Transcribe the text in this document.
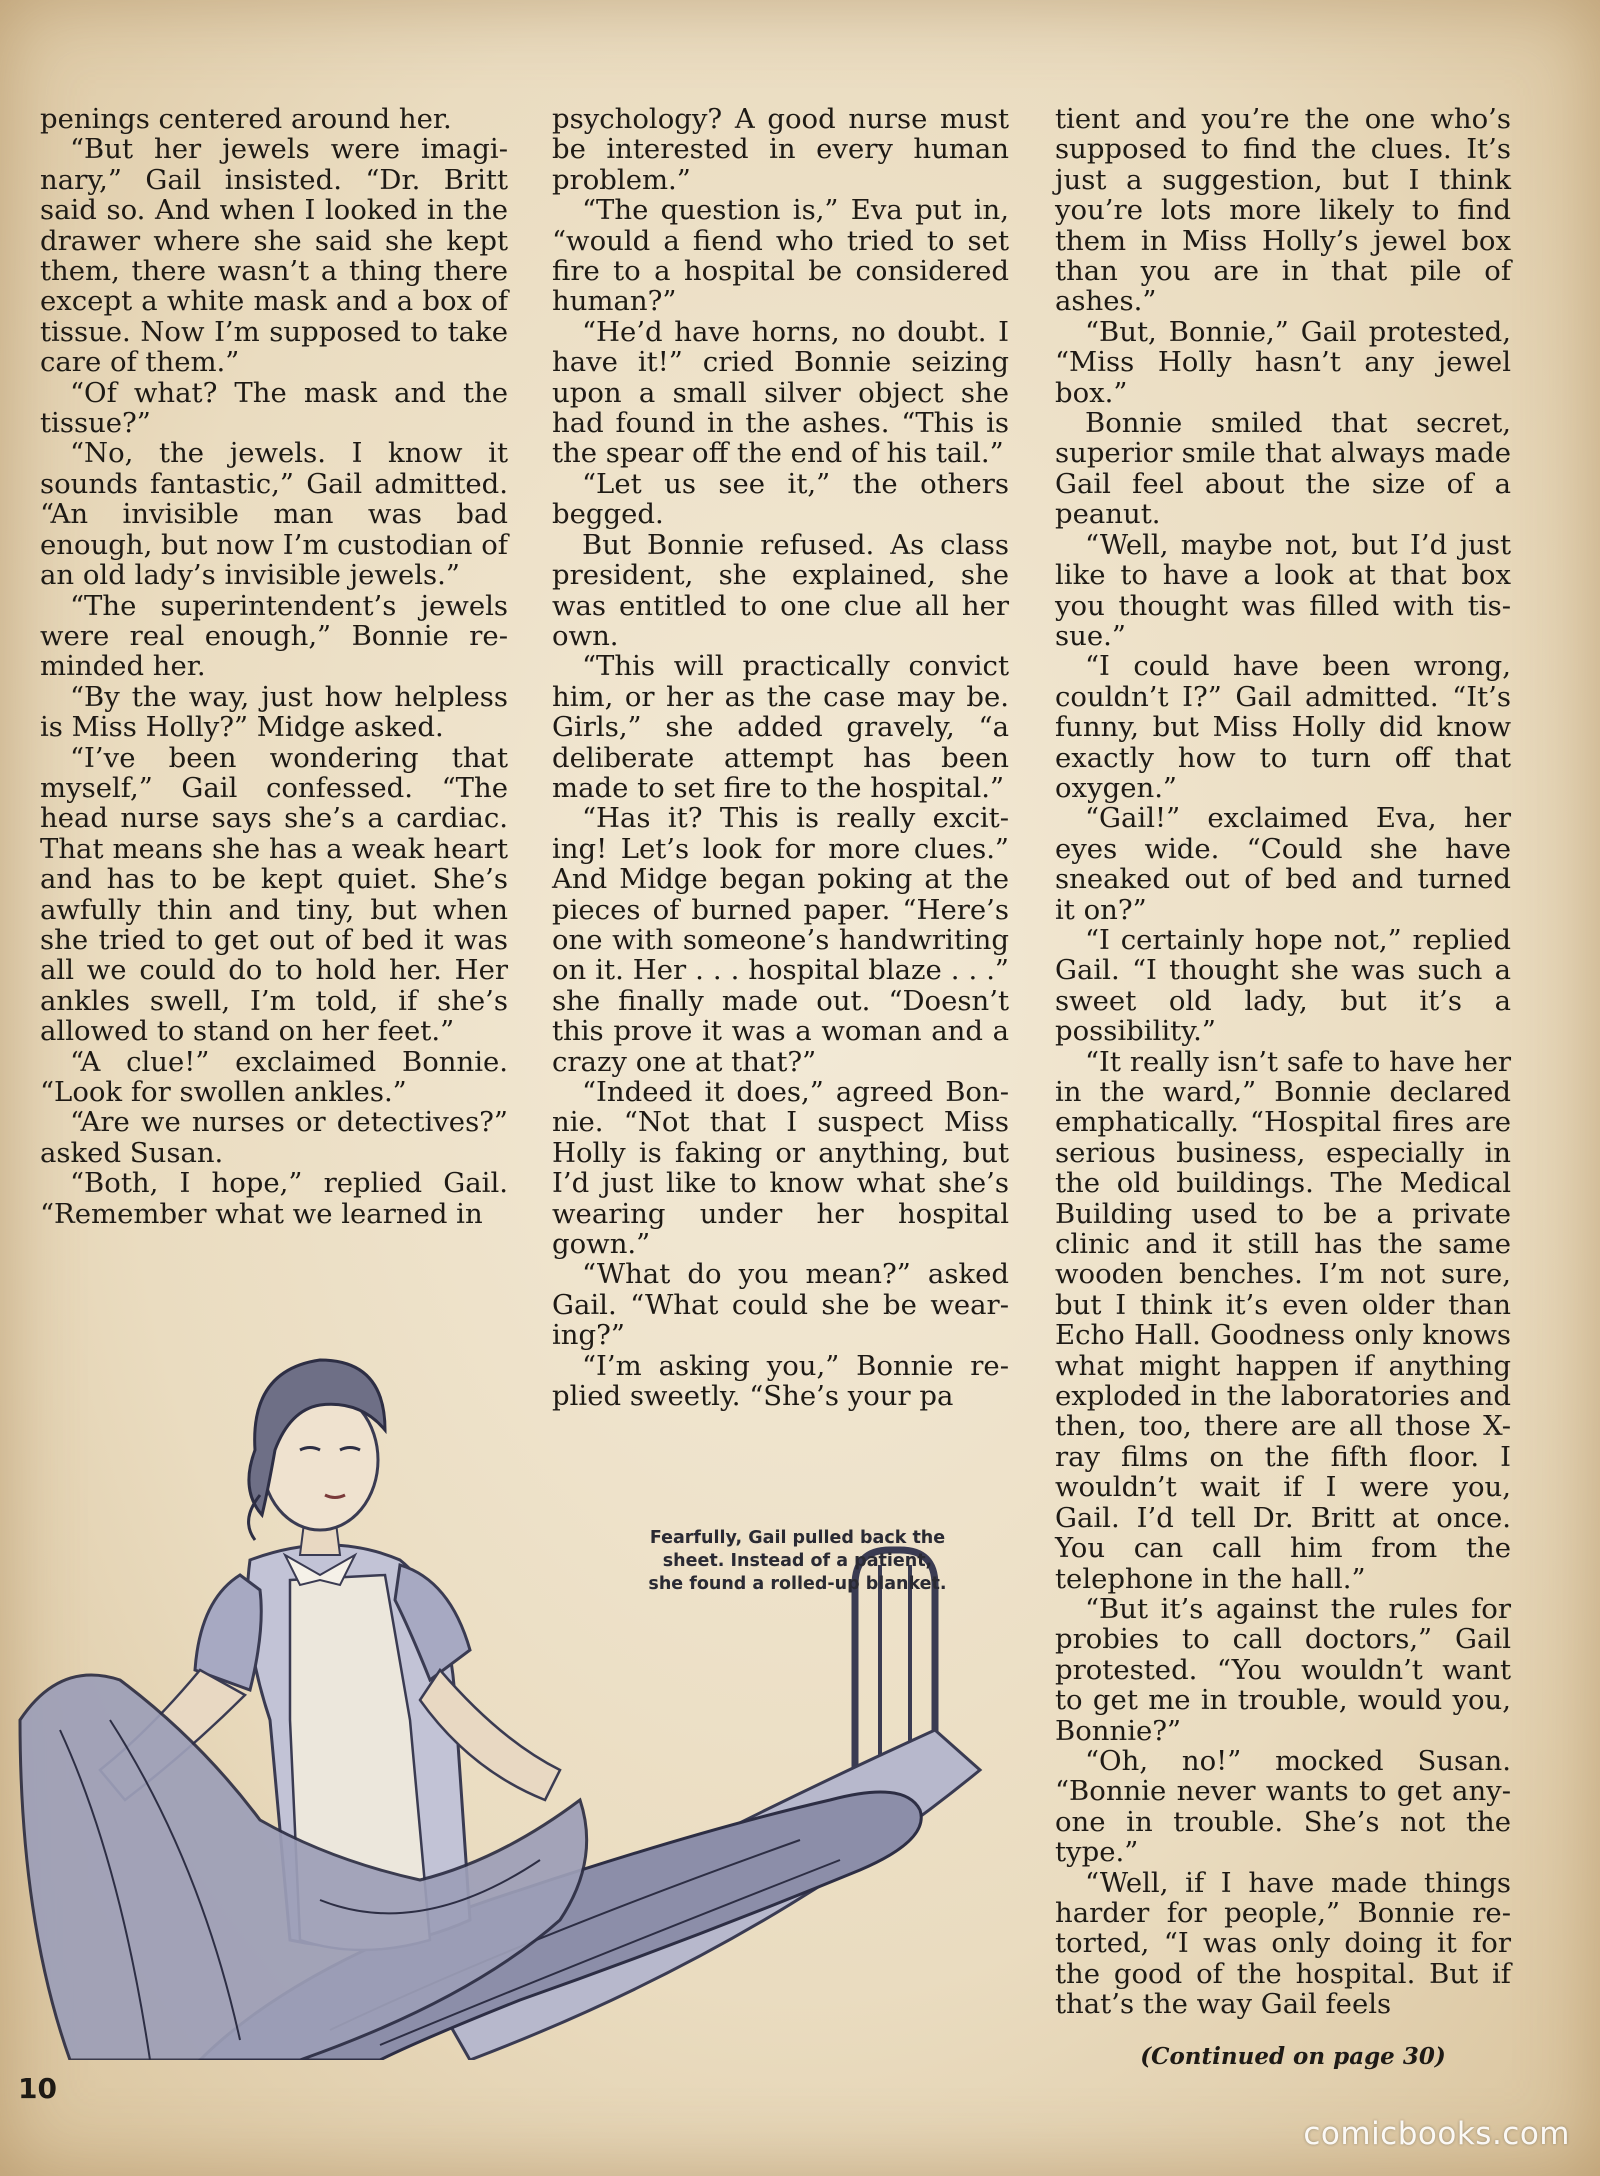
penings centered around her.

“But her jewels were imaginary,” Gail insisted. “Dr. Britt said so. And when I looked in the drawer where she said she kept them, there wasn’t a thing there except a white mask and a box of tissue. Now I’m supposed to take care of them.”

“Of what? The mask and the tissue?”

“No, the jewels. I know it sounds fantastic,” Gail admitted. “An invisible man was bad enough, but now I’m custodian of an old lady’s invisible jewels.”

“The superintendent’s jewels were real enough,” Bonnie reminded her.

“By the way, just how helpless is Miss Holly?” Midge asked.

“I’ve been wondering that myself,” Gail confessed. “The head nurse says she’s a cardiac. That means she has a weak heart and has to be kept quiet. She’s awfully thin and tiny, but when she tried to get out of bed it was all we could do to hold her. Her ankles swell, I’m told, if she’s allowed to stand on her feet.”

“A clue!” exclaimed Bonnie. “Look for swollen ankles.”

“Are we nurses or detectives?” asked Susan.

“Both, I hope,” replied Gail. “Remember what we learned in

psychology? A good nurse must be interested in every human problem.”

“The question is,” Eva put in, “would a fiend who tried to set fire to a hospital be considered human?”

“He’d have horns, no doubt. I have it!” cried Bonnie seizing upon a small silver object she had found in the ashes. “This is the spear off the end of his tail.”

“Let us see it,” the others begged.

But Bonnie refused. As class president, she explained, she was entitled to one clue all her own.

“This will practically convict him, or her as the case may be. Girls,” she added gravely, “a deliberate attempt has been made to set fire to the hospital.”

“Has it? This is really exciting! Let’s look for more clues.” And Midge began poking at the pieces of burned paper. “Here’s one with someone’s handwriting on it. Her . . . hospital blaze . . .” she finally made out. “Doesn’t this prove it was a woman and a crazy one at that?”

“Indeed it does,” agreed Bonnie. “Not that I suspect Miss Holly is faking or anything, but I’d just like to know what she’s wearing under her hospital gown.”

“What do you mean?” asked Gail. “What could she be wearing?”

“I’m asking you,” Bonnie replied sweetly. “She’s your pa

tient and you’re the one who’s supposed to find the clues. It’s just a suggestion, but I think you’re lots more likely to find them in Miss Holly’s jewel box than you are in that pile of ashes.”

“But, Bonnie,” Gail protested, “Miss Holly hasn’t any jewel box.”

Bonnie smiled that secret, superior smile that always made Gail feel about the size of a peanut.

“Well, maybe not, but I’d just like to have a look at that box you thought was filled with tissue.”

“I could have been wrong, couldn’t I?” Gail admitted. “It’s funny, but Miss Holly did know exactly how to turn off that oxygen.”

“Gail!” exclaimed Eva, her eyes wide. “Could she have sneaked out of bed and turned it on?”

“I certainly hope not,” replied Gail. “I thought she was such a sweet old lady, but it’s a possibility.”

“It really isn’t safe to have her in the ward,” Bonnie declared emphatically. “Hospital fires are serious business, especially in the old buildings. The Medical Building used to be a private clinic and it still has the same wooden benches. I’m not sure, but I think it’s even older than Echo Hall. Goodness only knows what might happen if anything exploded in the laboratories and then, too, there are all those X-ray films on the fifth floor. I wouldn’t wait if I were you, Gail. I’d tell Dr. Britt at once. You can call him from the telephone in the hall.”

“But it’s against the rules for probies to call doctors,” Gail protested. “You wouldn’t want to get me in trouble, would you, Bonnie?”

“Oh, no!” mocked Susan. “Bonnie never wants to get anyone in trouble. She’s not the type.”

“Well, if I have made things harder for people,” Bonnie retorted, “I was only doing it for the good of the hospital. But if that’s the way Gail feels

Fearfully, Gail pulled back the
sheet. Instead of a patient,
she found a rolled-up blanket.
(Continued on page 30)
10
comicbooks.com
